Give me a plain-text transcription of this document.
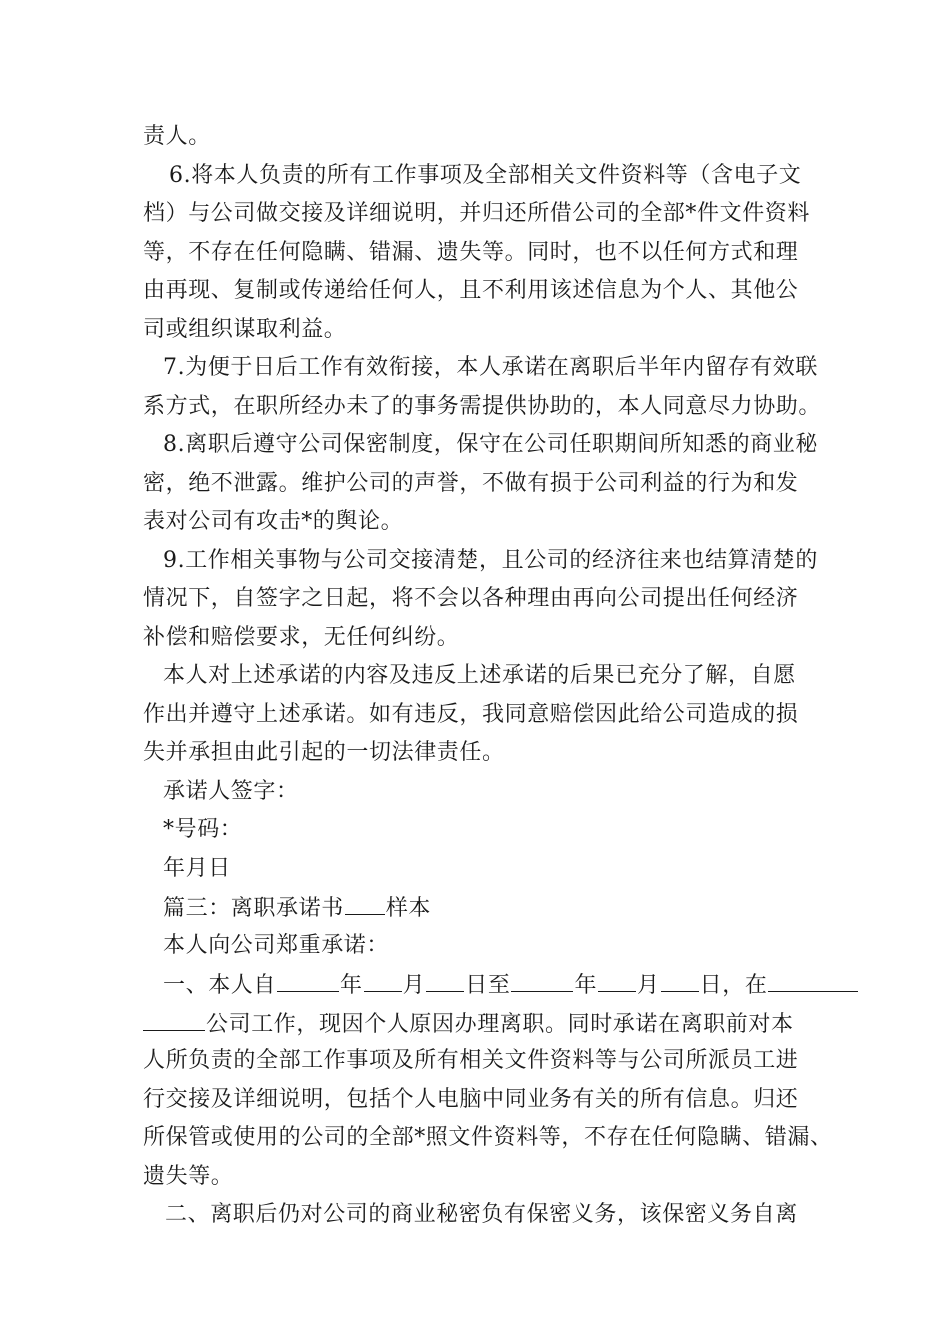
责人。
6.将本人负责的所有工作事项及全部相关文件资料等（含电子文
档）与公司做交接及详细说明，并归还所借公司的全部*件文件资料
等，不存在任何隐瞒、错漏、遗失等。同时，也不以任何方式和理
由再现、复制或传递给任何人，且不利用该述信息为个人、其他公
司或组织谋取利益。
7.为便于日后工作有效衔接，本人承诺在离职后半年内留存有效联
系方式，在职所经办未了的事务需提供协助的，本人同意尽力协助。
8.离职后遵守公司保密制度，保守在公司任职期间所知悉的商业秘
密，绝不泄露。维护公司的声誉，不做有损于公司利益的行为和发
表对公司有攻击*的舆论。
9.工作相关事物与公司交接清楚，且公司的经济往来也结算清楚的
情况下，自签字之日起，将不会以各种理由再向公司提出任何经济
补偿和赔偿要求，无任何纠纷。
本人对上述承诺的内容及违反上述承诺的后果已充分了解，自愿
作出并遵守上述承诺。如有违反，我同意赔偿因此给公司造成的损
失并承担由此引起的一切法律责任。
承诺人签字：
*号码：
年月日
篇三：离职承诺书 样本
本人向公司郑重承诺：
一、本人自	年 月 日至	年 月 日，在
公司工作，现因个人原因办理离职。同时承诺在离职前对本
人所负责的全部工作事项及所有相关文件资料等与公司所派员工进
行交接及详细说明，包括个人电脑中同业务有关的所有信息。归还
所保管或使用的公司的全部*照文件资料等，不存在任何隐瞒、错漏、
遗失等。
二、离职后仍对公司的商业秘密负有保密义务，该保密义务自离
